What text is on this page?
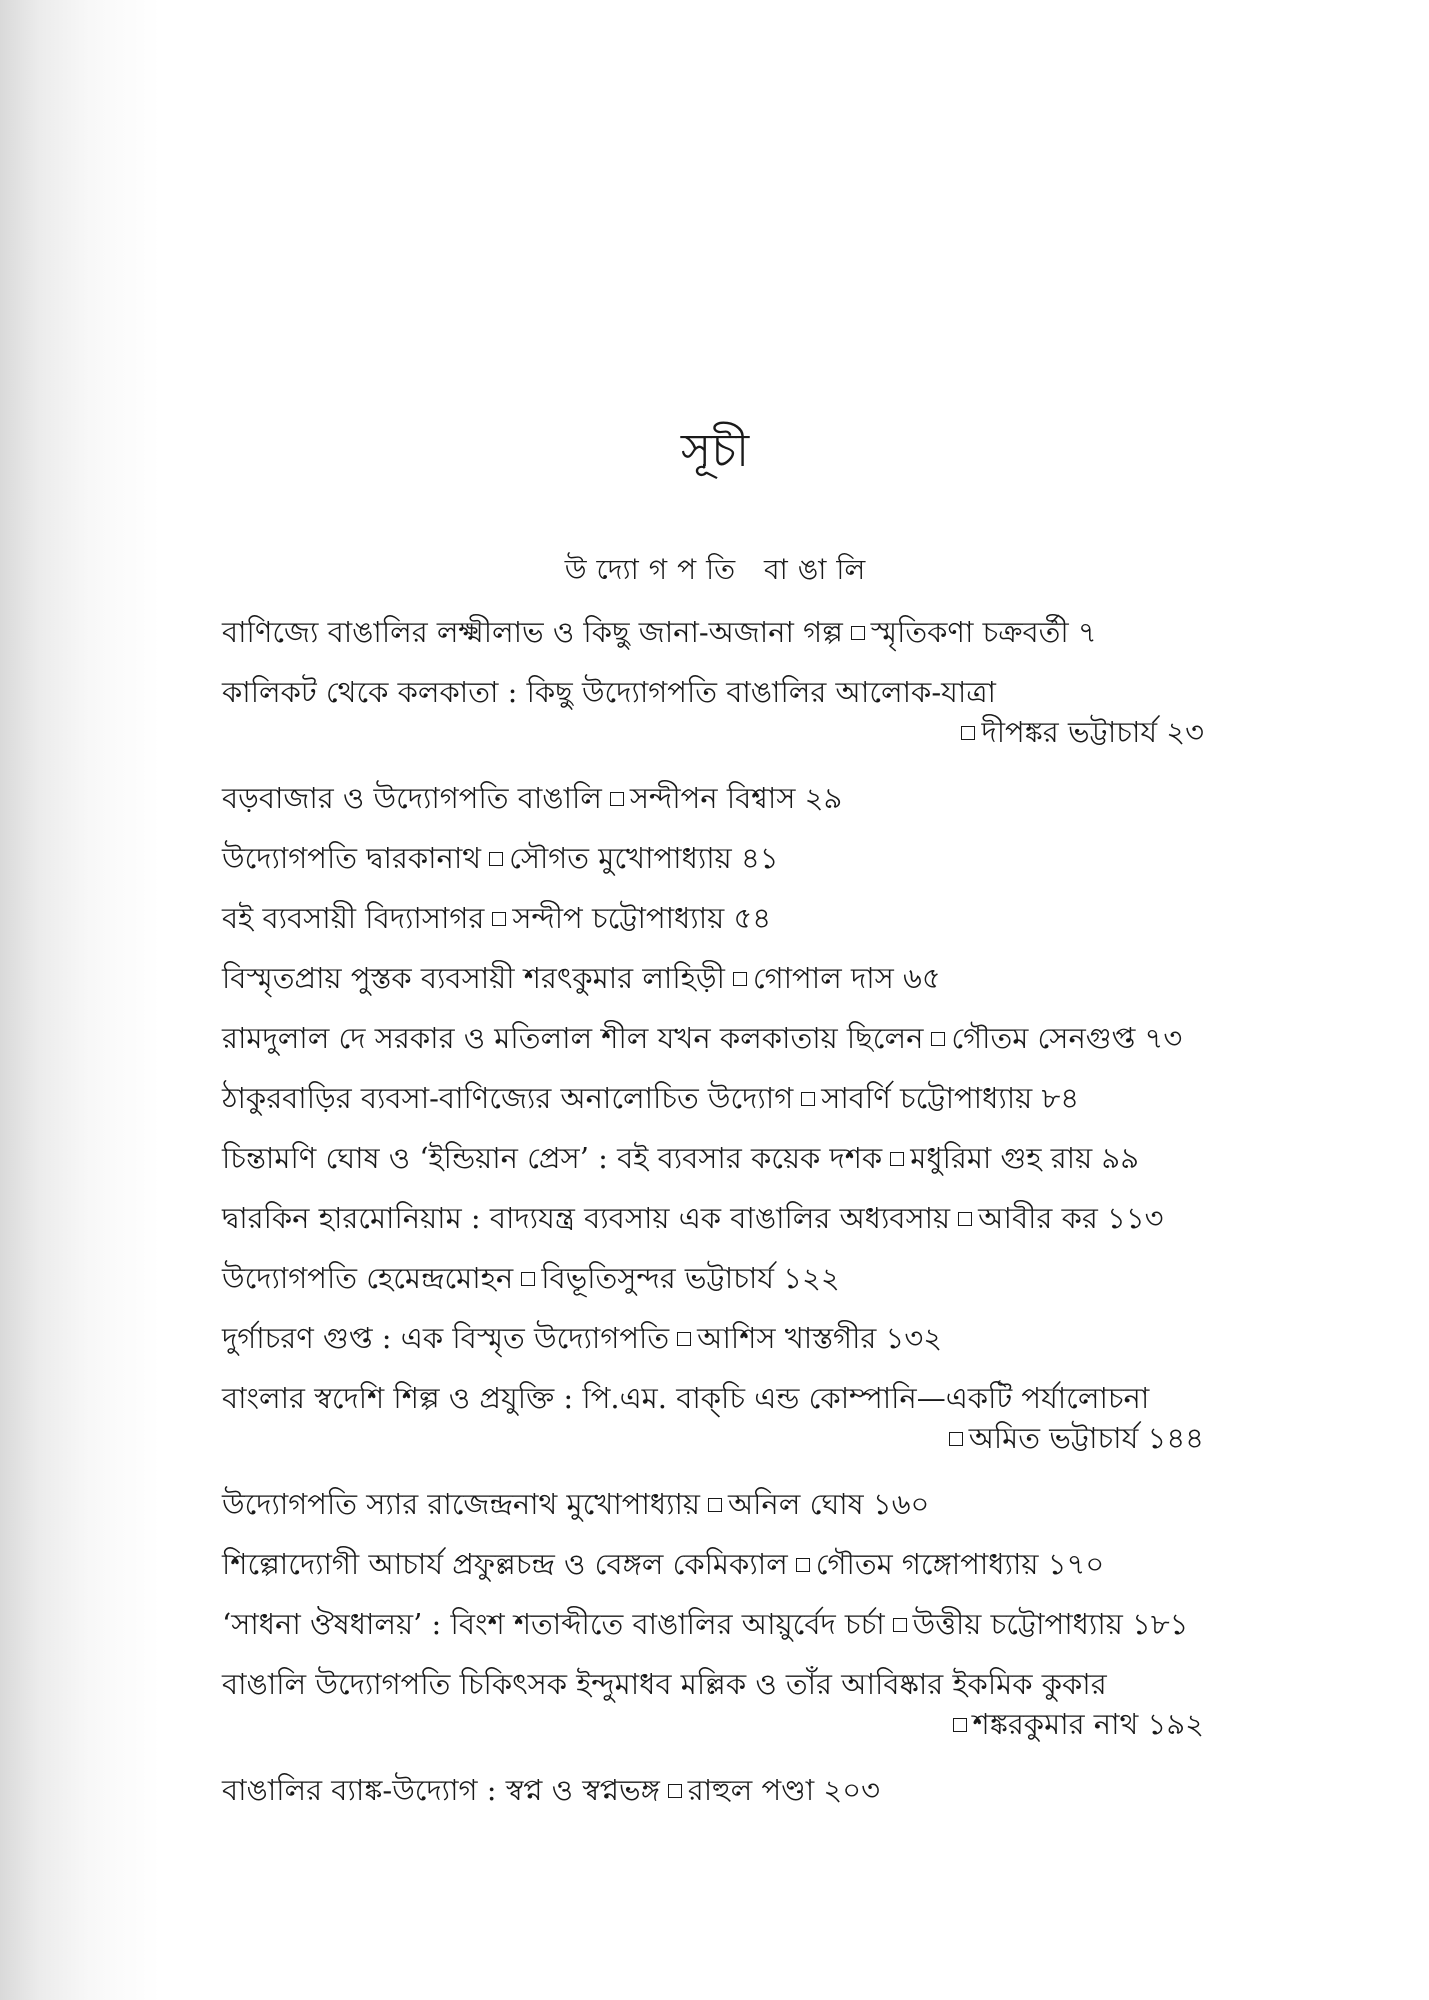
সূচী
উদ্যোগপতি বাঙালি
বাণিজ্যে বাঙালির লক্ষ্মীলাভ ও কিছু জানা-অজানা গল্প স্মৃতিকণা চক্রবর্তী ৭
কালিকট থেকে কলকাতা : কিছু উদ্যোগপতি বাঙালির আলোক-যাত্রা
দীপঙ্কর ভট্টাচার্য ২৩
বড়বাজার ও উদ্যোগপতি বাঙালি সন্দীপন বিশ্বাস ২৯
উদ্যোগপতি দ্বারকানাথ সৌগত মুখোপাধ্যায় ৪১
বই ব্যবসায়ী বিদ্যাসাগর সন্দীপ চট্টোপাধ্যায় ৫৪
বিস্মৃতপ্রায় পুস্তক ব্যবসায়ী শরৎকুমার লাহিড়ী গোপাল দাস ৬৫
রামদুলাল দে সরকার ও মতিলাল শীল যখন কলকাতায় ছিলেন গৌতম সেনগুপ্ত ৭৩
ঠাকুরবাড়ির ব্যবসা-বাণিজ্যের অনালোচিত উদ্যোগ সাবর্ণি চট্টোপাধ্যায় ৮৪
চিন্তামণি ঘোষ ও ‘ইন্ডিয়ান প্রেস’ : বই ব্যবসার কয়েক দশক মধুরিমা গুহ রায় ৯৯
দ্বারকিন হারমোনিয়াম : বাদ্যযন্ত্র ব্যবসায় এক বাঙালির অধ্যবসায় আবীর কর ১১৩
উদ্যোগপতি হেমেন্দ্রমোহন বিভূতিসুন্দর ভট্টাচার্য ১২২
দুর্গাচরণ গুপ্ত : এক বিস্মৃত উদ্যোগপতি আশিস খাস্তগীর ১৩২
বাংলার স্বদেশি শিল্প ও প্রযুক্তি : পি.এম. বাক্‌চি এন্ড কোম্পানি—একটি পর্যালোচনা
অমিত ভট্টাচার্য ১৪৪
উদ্যোগপতি স্যার রাজেন্দ্রনাথ মুখোপাধ্যায় অনিল ঘোষ ১৬০
শিল্পোদ্যোগী আচার্য প্রফুল্লচন্দ্র ও বেঙ্গল কেমিক্যাল গৌতম গঙ্গোপাধ্যায় ১৭০
‘সাধনা ঔষধালয়’ : বিংশ শতাব্দীতে বাঙালির আয়ুর্বেদ চর্চা উত্তীয় চট্টোপাধ্যায় ১৮১
বাঙালি উদ্যোগপতি চিকিৎসক ইন্দুমাধব মল্লিক ও তাঁর আবিষ্কার ইকমিক কুকার
শঙ্করকুমার নাথ ১৯২
বাঙালির ব্যাঙ্ক-উদ্যোগ : স্বপ্ন ও স্বপ্নভঙ্গ রাহুল পণ্ডা ২০৩
